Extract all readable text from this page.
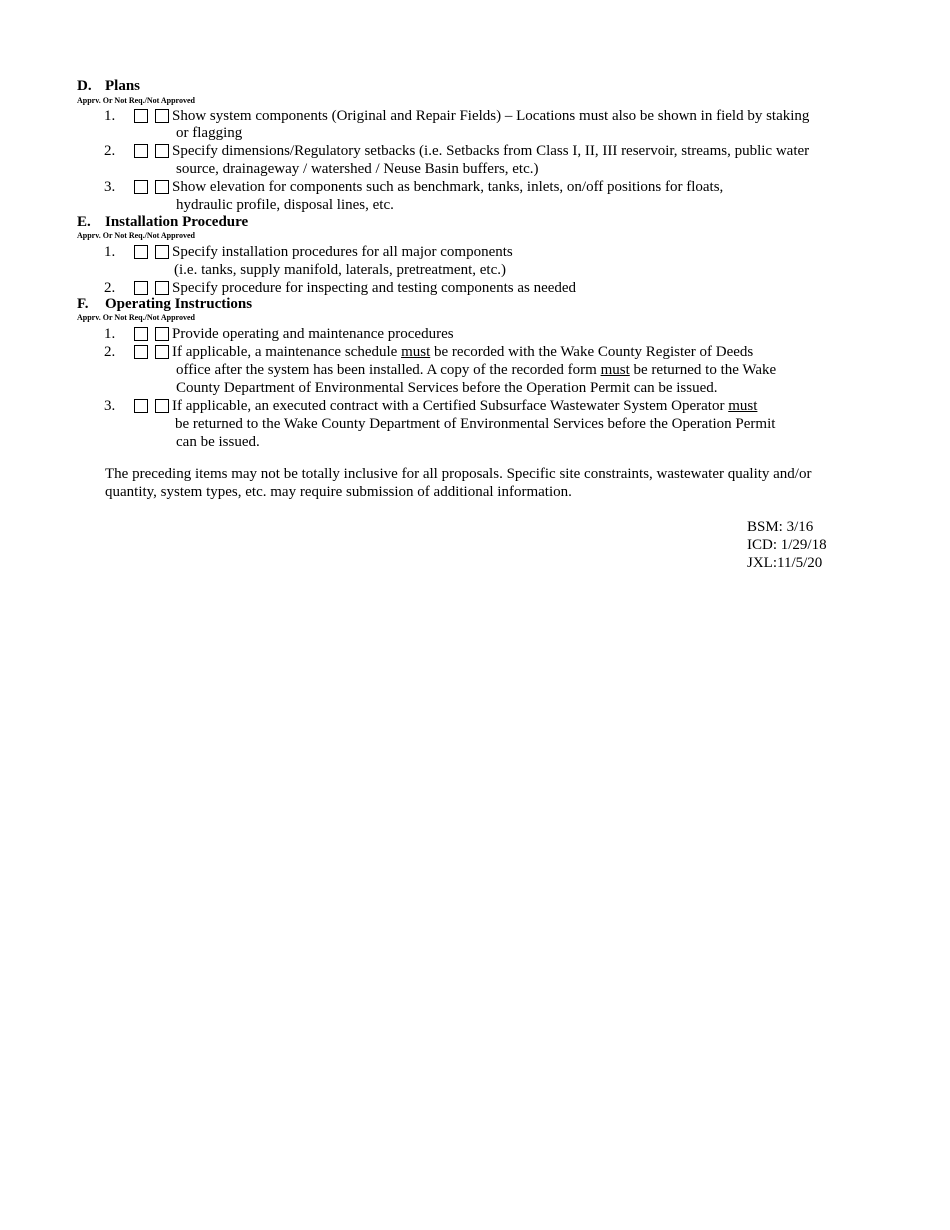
D. Plans
Apprv. Or Not Req./Not Approved
1.	Show system components (Original and Repair Fields) – Locations must also be shown in field by staking
or flagging
2.	Specify dimensions/Regulatory setbacks (i.e. Setbacks from Class I, II, III reservoir, streams, public water
source, drainageway / watershed / Neuse Basin buffers, etc.)
3.	Show elevation for components such as benchmark, tanks, inlets, on/off positions for floats,
hydraulic profile, disposal lines, etc.
E. Installation Procedure
Apprv. Or Not Req./Not Approved
1.	Specify installation procedures for all major components
(i.e. tanks, supply manifold, laterals, pretreatment, etc.)
2.	Specify procedure for inspecting and testing components as needed
F. Operating Instructions
Apprv. Or Not Req./Not Approved
1.	Provide operating and maintenance procedures
2.	If applicable, a maintenance schedule must be recorded with the Wake County Register of Deeds
office after the system has been installed. A copy of the recorded form must be returned to the Wake
County Department of Environmental Services before the Operation Permit can be issued.
3.	If applicable, an executed contract with a Certified Subsurface Wastewater System Operator must
be returned to the Wake County Department of Environmental Services before the Operation Permit
can be issued.
The preceding items may not be totally inclusive for all proposals. Specific site constraints, wastewater quality and/or
quantity, system types, etc. may require submission of additional information.
BSM: 3/16
ICD: 1/29/18
JXL:11/5/20
